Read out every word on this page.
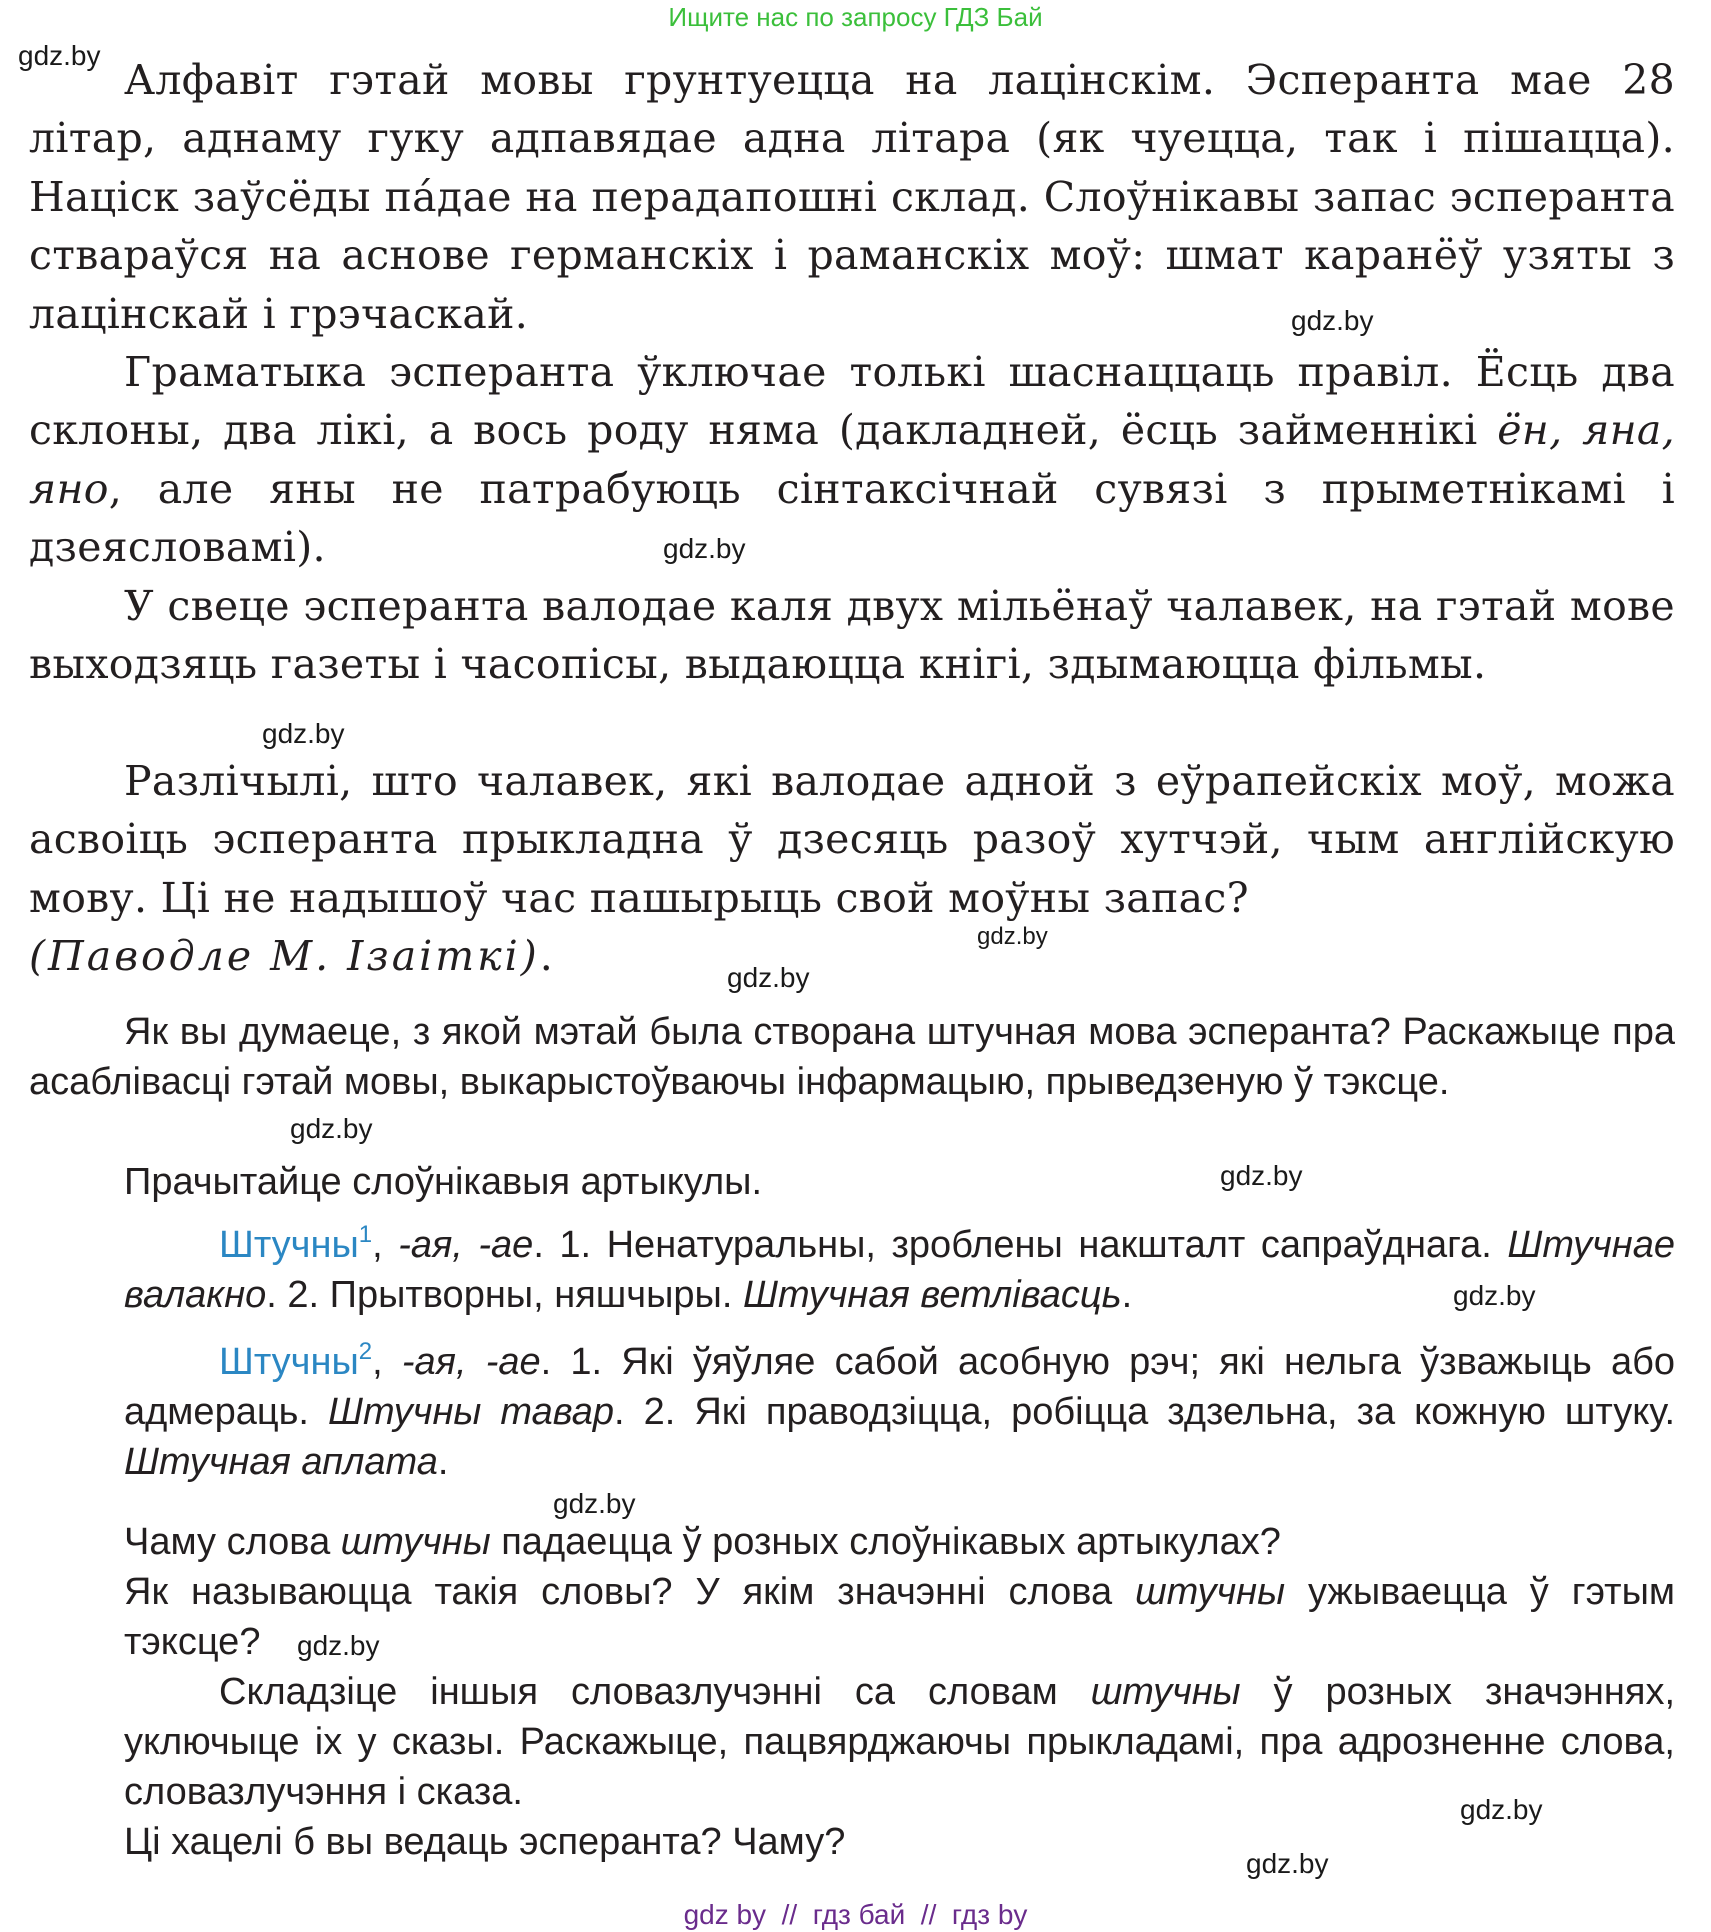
Ищите нас по запросу ГДЗ Бай

Алфавіт гэтай мовы грунтуецца на лацінскім. Эсперанта мае 28 літар, аднаму гуку адпавядае адна літара (як чуецца, так і пішацца). Націск заўсёды па́дае на перадапошні склад. Слоўнікавы запас эсперанта стварaўся на аснове германскіх і раманскіх моў: шмат каранёў узяты з лацінскай і грэчаскай.

Граматыка эсперанта ўключае толькі шаснаццаць правіл. Ёсць два склоны, два лікі, а вось роду няма (дакладней, ёсць займеннікі ён, яна, яно, але яны не патрабуюць сінтаксічнай сувязі з прыметнікамі і дзеясловамі).

У свеце эсперанта валодае каля двух мільёнаў чалавек, на гэтай мове выходзяць газеты і часопісы, выдаюцца кнігі, здымаюцца фільмы.

Разлічылі, што чалавек, які валодае адной з еўрапейскіх моў, можа асвоіць эсперанта прыкладна ў дзесяць разоў хутчэй, чым англійскую мову. Ці не надышоў час пашырыць свой моўны запас?
(Паводле М. Ізаіткі).

Як вы думаеце, з якой мэтай была створана штучная мова эсперанта? Раскажыце пра асаблівасці гэтай мовы, выкарыстоўваючы інфармацыю, прыведзеную ў тэксце.

Прачытайце слоўнікавыя артыкулы.

Штучны$^1$, -ая, -ае. 1. Ненатуральны, зроблены накшталт сапраўднага. Штучнае валакно. 2. Прытворны, няшчыры. Штучная ветлівасць.

Штучны$^2$, -ая, -ае. 1. Які ўяўляе сабой асобную рэч; які нельга ўзважыць або адмераць. Штучны тавар. 2. Які праводзіцца, робіцца здзельна, за кожную штуку. Штучная аплата.

Чаму слова штучны падаецца ў розных слоўнікавых артыкулах?

Як называюцца такія словы? У якім значэнні слова штучны ужываецца ў гэтым тэксце?

Складзіце іншыя словазлучэнні са словам штучны ў розных значэннях, уключыце іх у сказы. Раскажыце, пацвярджаючы прыкладамі, пра адрозненне слова, словазлучэння і сказа.

Ці хацелі б вы ведаць эсперанта? Чаму?
gdz.by
gdz.by
gdz.by
gdz.by
gdz.by
gdz.by
gdz.by
gdz.by
gdz.by
gdz.by
gdz.by
gdz.by
gdz.by
gdz by  //  гдз бай  //  гдз by
